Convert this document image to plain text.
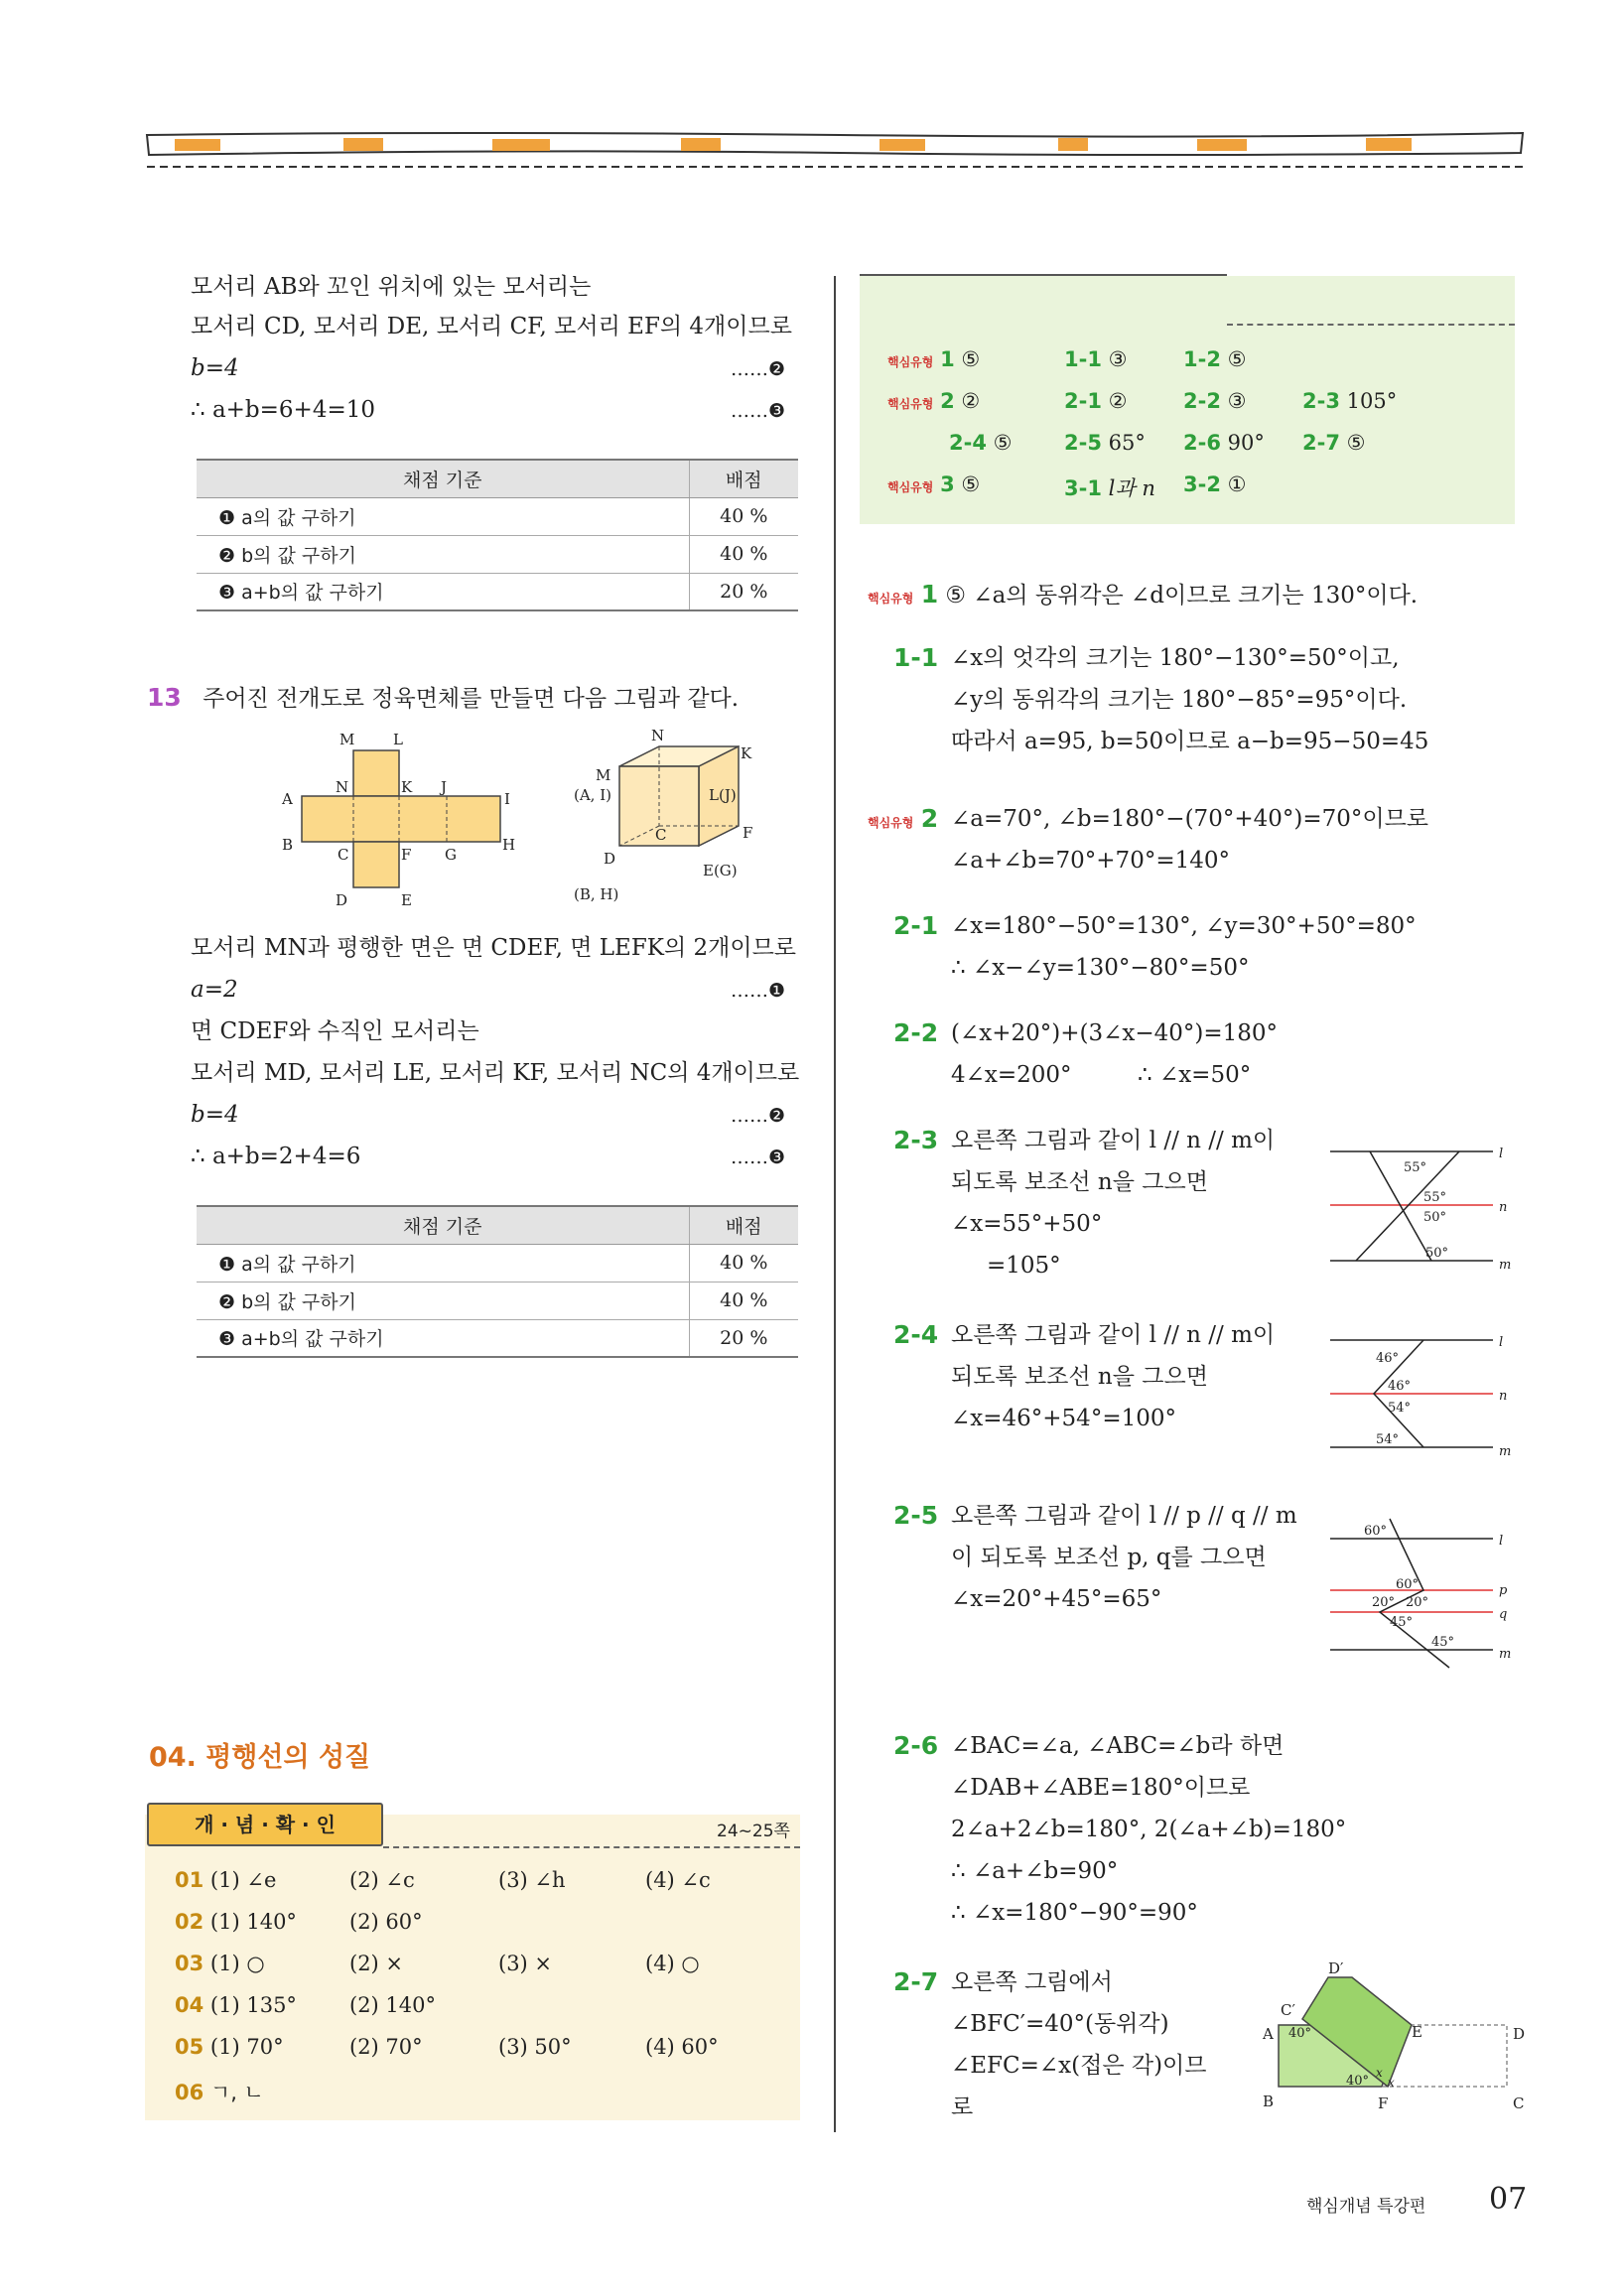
모서리 AB와 꼬인 위치에 있는 모서리는
모서리 CD, 모서리 DE, 모서리 CF, 모서리 EF의 4개이므로
b=4	……❷
∴ a+b=6+4=10	……❸
채점 기준	배점
❶ a의 값 구하기	40 %
❷ b의 값 구하기	40 %
❸ a+b의 값 구하기	20 %
13 주어진 전개도로 정육면체를 만들면 다음 그림과 같다.
M	L
A
N	K J
I
B
C	F G
H
D	E
N
K
M
(A, I)	L(J)
C	F
D
E(G)
(B, H)
모서리 MN과 평행한 면은 면 CDEF, 면 LEFK의 2개이므로
a=2	……❶
면 CDEF와 수직인 모서리는
모서리 MD, 모서리 LE, 모서리 KF, 모서리 NC의 4개이므로
b=4	……❷
∴ a+b=2+4=6	……❸
채점 기준	배점
❶ a의 값 구하기	40 %
❷ b의 값 구하기	40 %
❸ a+b의 값 구하기	20 %
04. 평행선의 성질
개 · 념 · 확 · 인	24~25쪽
01 (1) ∠e	(2) ∠c	(3) ∠h	(4) ∠c
02 (1) 140°	(2) 60°
03 (1) ○	(2) ×	(3) ×	(4) ○
04 (1) 135°	(2) 140°
05 (1) 70°	(2) 70°	(3) 50°	(4) 60°
06 ㄱ, ㄴ
핵심유형 1 ⑤	1-1 ③	1-2 ⑤
핵심유형 2 ②	2-1 ②	2-2 ③	2-3 105°
2-4 ⑤	2-5 65° 2-6 90° 2-7 ⑤
핵심유형 3 ⑤	3-1 l과 n 3-2 ①
핵심유형 1 ⑤ ∠a의 동위각은 ∠d이므로 크기는 130°이다.
1-1 ∠x의 엇각의 크기는 180°−130°=50°이고,
∠y의 동위각의 크기는 180°−85°=95°이다.
따라서 a=95, b=50이므로 a−b=95−50=45
핵심유형 2 ∠a=70°, ∠b=180°−(70°+40°)=70°이므로
∠a+∠b=70°+70°=140°
2-1 ∠x=180°−50°=130°, ∠y=30°+50°=80°
∴ ∠x−∠y=130°−80°=50°
2-2 (∠x+20°)+(3∠x−40°)=180°
4∠x=200°	∴ ∠x=50°
2-3 오른쪽 그림과 같이 l // n // m이
되도록 보조선 n을 그으면
∠x=55°+50°
=105°
55°
55°
50°
50°
l
n
m
2-4 오른쪽 그림과 같이 l // n // m이
되도록 보조선 n을 그으면
∠x=46°+54°=100°
46°
46°
54°
54°
l
n
m
2-5 오른쪽 그림과 같이 l // p // q // m
이 되도록 보조선 p, q를 그으면
∠x=20°+45°=65°
60°
60°
20° 20°
45°
45°
l
p
q
m
2-6 ∠BAC=∠a, ∠ABC=∠b라 하면
∠DAB+∠ABE=180°이므로
2∠a+2∠b=180°, 2(∠a+∠b)=180°
∴ ∠a+∠b=90°
∴ ∠x=180°−90°=90°
2-7 오른쪽 그림에서
∠BFC′=40°(동위각)
∠EFC=∠x(접은 각)이므
로
D′
C′
A 40°	E	D
B
40°
x
x
F	C
핵심개념 특강편 07
